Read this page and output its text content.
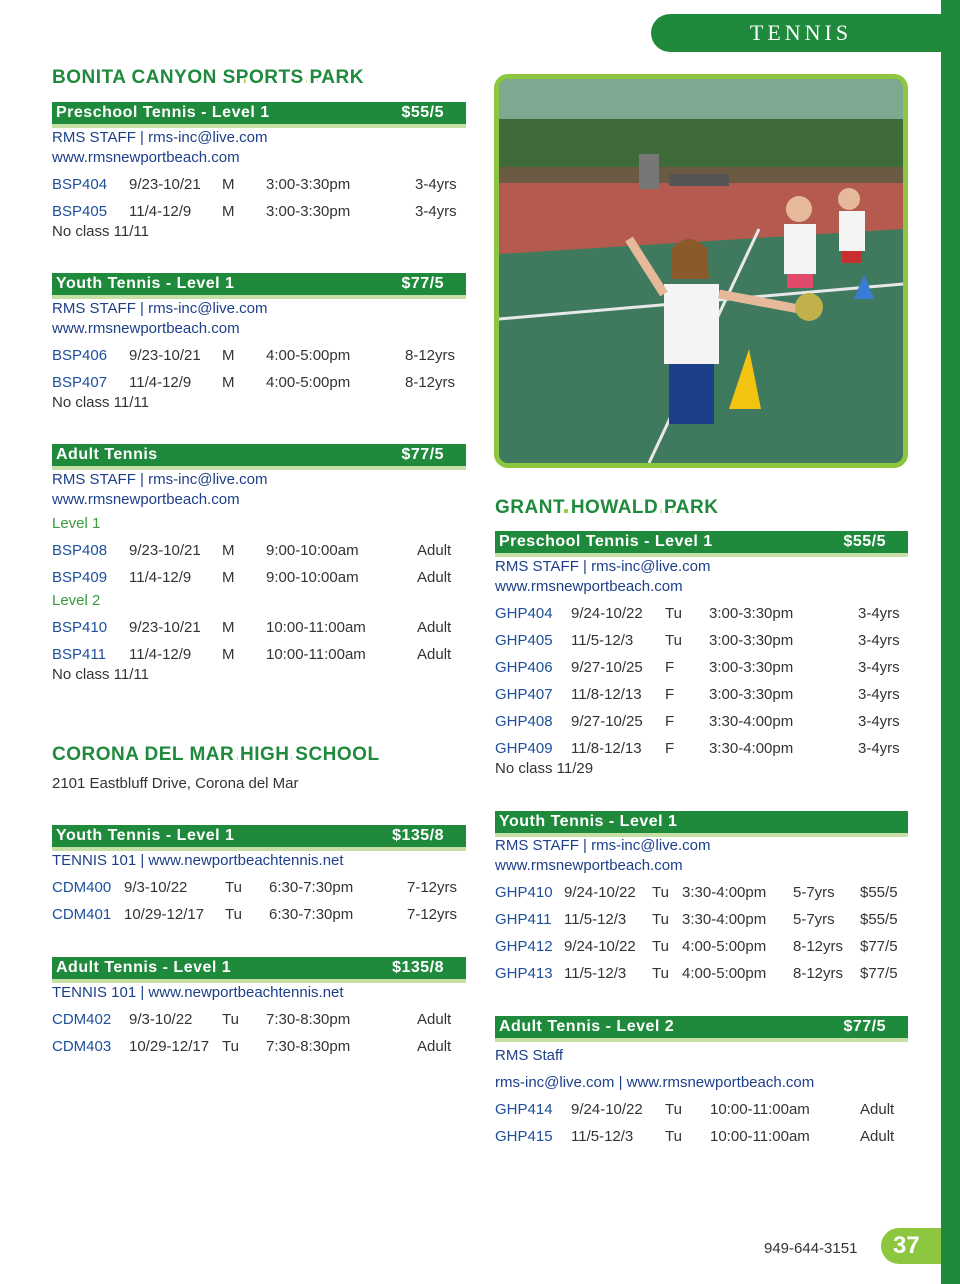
TENNIS
BONITA CANYON SPORTS PARK
Preschool Tennis - Level 1	$55/5
RMS STAFF | rms-inc@live.com
www.rmsnewportbeach.com
BSP404 9/23-10/21 M 3:00-3:30pm	3-4yrs
BSP405 11/4-12/9 M 3:00-3:30pm	3-4yrs
No class 11/11
Youth Tennis - Level 1	$77/5
RMS STAFF | rms-inc@live.com
www.rmsnewportbeach.com
BSP406 9/23-10/21 M 4:00-5:00pm	8-12yrs
BSP407 11/4-12/9 M 4:00-5:00pm	8-12yrs
No class 11/11
Adult Tennis	$77/5
RMS STAFF | rms-inc@live.com
www.rmsnewportbeach.com
Level 1
BSP408 9/23-10/21 M 9:00-10:00am	Adult
BSP409 11/4-12/9 M 9:00-10:00am	Adult
Level 2
BSP410 9/23-10/21 M 10:00-11:00am	Adult
BSP411 11/4-12/9 M 10:00-11:00am	Adult
No class 11/11
CORONA DEL MAR HIGH SCHOOL
2101 Eastbluff Drive, Corona del Mar
Youth Tennis - Level 1	$135/8
TENNIS 101 | www.newportbeachtennis.net
CDM400 9/3-10/22	Tu 6:30-7:30pm	7-12yrs
CDM401 10/29-12/17 Tu 6:30-7:30pm	7-12yrs
Adult Tennis - Level 1	$135/8
TENNIS 101 | www.newportbeachtennis.net
CDM402 9/3-10/22 Tu 7:30-8:30pm	Adult
CDM403 10/29-12/17 Tu 7:30-8:30pm	Adult
GRANT HOWALD PARK
Preschool Tennis - Level 1	$55/5
RMS STAFF | rms-inc@live.com
www.rmsnewportbeach.com
GHP404 9/24-10/22 Tu 3:00-3:30pm	3-4yrs
GHP405 11/5-12/3 Tu 3:00-3:30pm	3-4yrs
GHP406 9/27-10/25 F 3:00-3:30pm	3-4yrs
GHP407 11/8-12/13 F 3:00-3:30pm	3-4yrs
GHP408 9/27-10/25 F 3:30-4:00pm	3-4yrs
GHP409 11/8-12/13 F 3:30-4:00pm	3-4yrs
No class 11/29
Youth Tennis - Level 1
RMS STAFF | rms-inc@live.com
www.rmsnewportbeach.com
GHP410 9/24-10/22 Tu 3:30-4:00pm 5-7yrs $55/5
GHP411 11/5-12/3 Tu 3:30-4:00pm 5-7yrs $55/5
GHP412 9/24-10/22 Tu 4:00-5:00pm 8-12yrs $77/5
GHP413 11/5-12/3 Tu 4:00-5:00pm 8-12yrs $77/5
Adult Tennis - Level 2	$77/5
RMS Staff
rms-inc@live.com | www.rmsnewportbeach.com
GHP414 9/24-10/22 Tu 10:00-11:00am	Adult
GHP415 11/5-12/3 Tu 10:00-11:00am	Adult
949-644-3151	37
